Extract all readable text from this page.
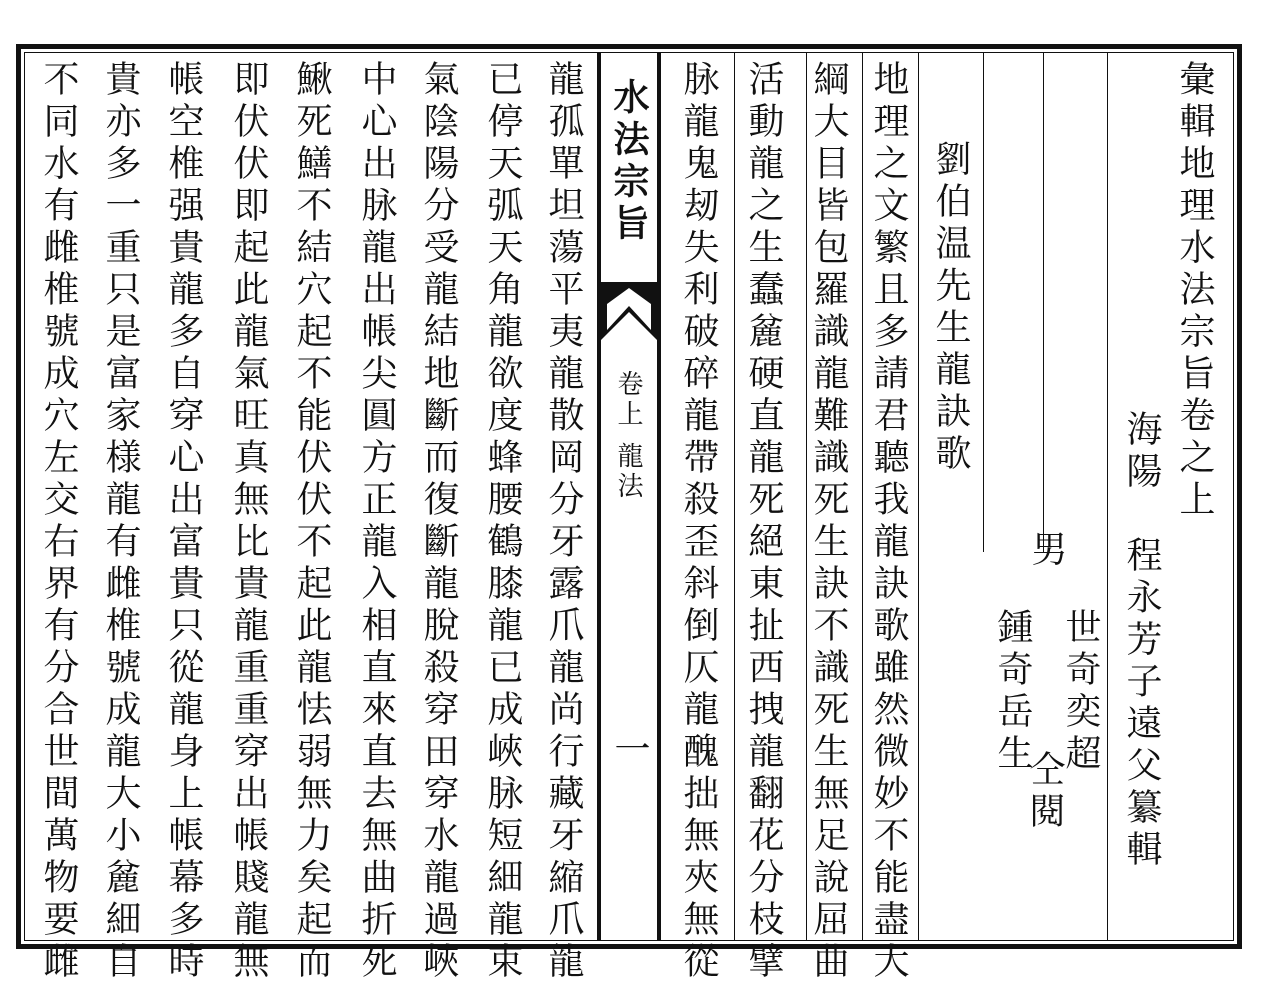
彙輯地理水法宗旨卷之上
海陽
程永芳子遠父纂輯
男
世奇奕超
鍾奇岳生
仝閱
劉伯温先生龍訣歌
地理之文繁且多請君聽我龍訣歌雖然微妙不能盡大
綱大目皆包羅識龍難識死生訣不識死生無足說屈曲
活動龍之生蠢麄硬直龍死絕東扯西拽龍翻花分枝擘
脉龍鬼刼失利破碎龍帶殺歪斜倒仄龍醜拙無夾無從
水法宗旨
卷上
龍法
一
龍孤單坦蕩平夷龍散岡分牙露爪龍尚行藏牙縮爪龍
已停天弧天角龍欲度蜂腰鶴膝龍已成峽脉短細龍束
氣陰陽分受龍結地斷而復斷龍脫殺穿田穿水龍過峽
中心出脉龍出帳尖圓方正龍入相直來直去無曲折死
鰍死鱔不結穴起不能伏伏不起此龍怯弱無力矣起而
即伏伏即起此龍氣旺真無比貴龍重重穿出帳賤龍無
帳空椎强貴龍多自穿心出富貴只從龍身上帳幕多時
貴亦多一重只是富家様龍有雌椎號成龍大小麄細自
不同水有雌椎號成穴左交右界有分合世間萬物要雌
